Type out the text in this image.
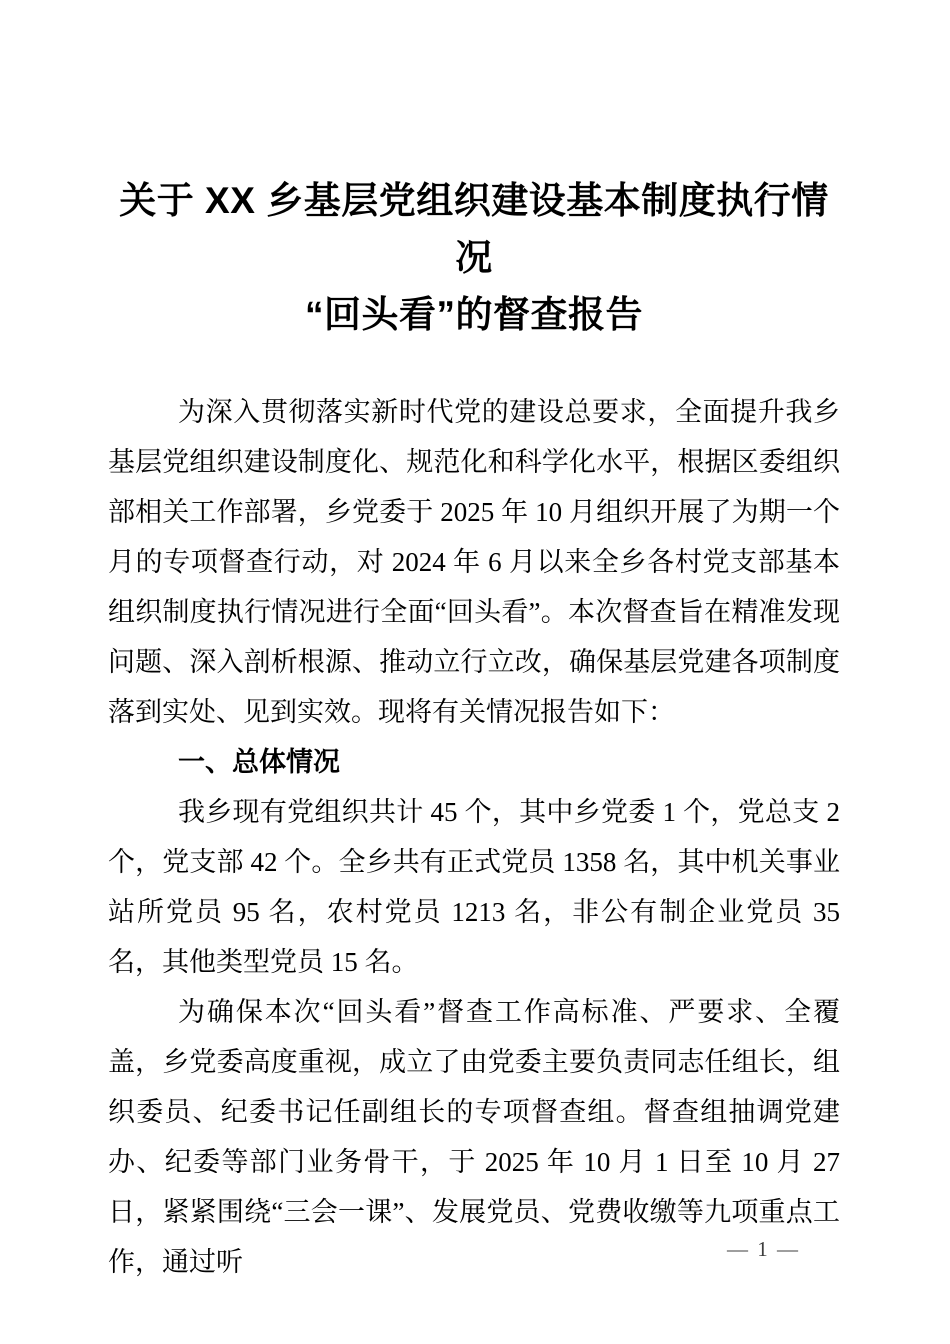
关于 XX 乡基层党组织建设基本制度执行情况
“回头看”的督查报告

为深入贯彻落实新时代党的建设总要求，全面提升我乡基层党组织建设制度化、规范化和科学化水平，根据区委组织部相关工作部署，乡党委于 2025 年 10 月组织开展了为期一个月的专项督查行动，对 2024 年 6 月以来全乡各村党支部基本组织制度执行情况进行全面“回头看”。本次督查旨在精准发现问题、深入剖析根源、推动立行立改，确保基层党建各项制度落到实处、见到实效。现将有关情况报告如下：

一、总体情况

我乡现有党组织共计 45 个，其中乡党委 1 个，党总支 2 个，党支部 42 个。全乡共有正式党员 1358 名，其中机关事业站所党员 95 名，农村党员 1213 名，非公有制企业党员 35 名，其他类型党员 15 名。

为确保本次“回头看”督查工作高标准、严要求、全覆盖，乡党委高度重视，成立了由党委主要负责同志任组长，组织委员、纪委书记任副组长的专项督查组。督查组抽调党建办、纪委等部门业务骨干，于 2025 年 10 月 1 日至 10 月 27 日，紧紧围绕“三会一课”、发展党员、党费收缴等九项重点工作，通过听	— 1 —
